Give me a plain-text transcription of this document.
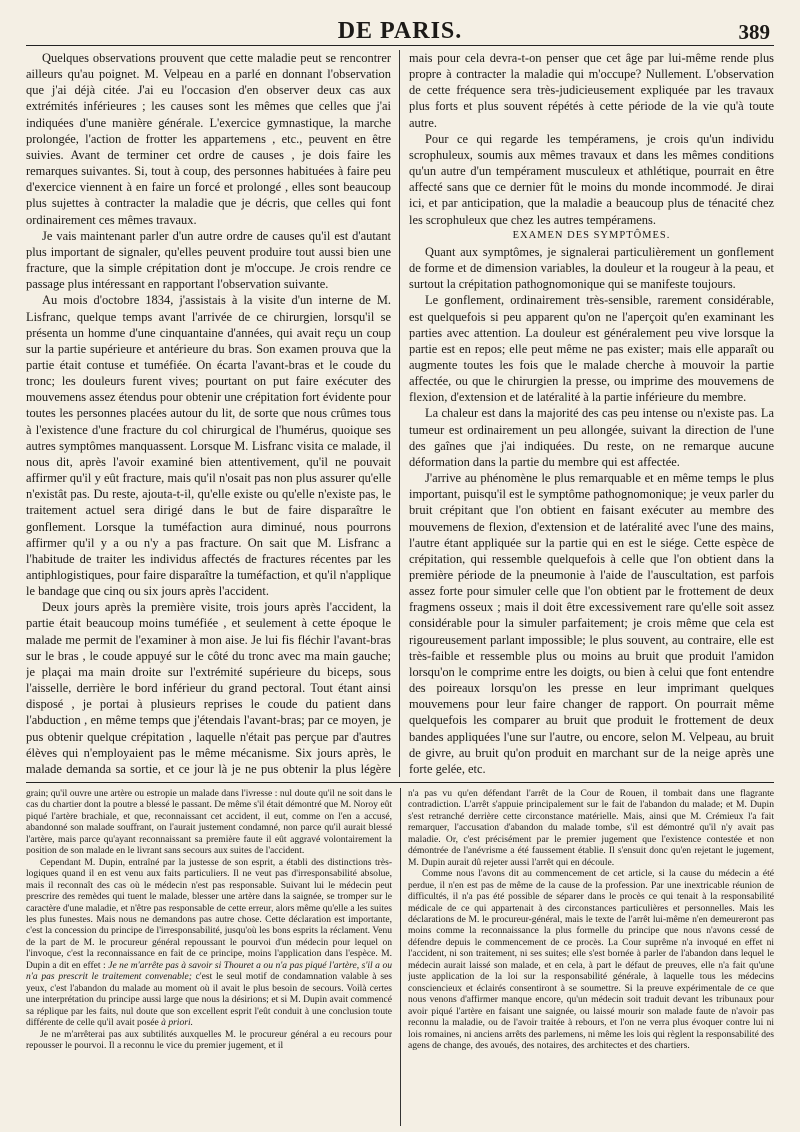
DE PARIS.	389

Quelques observations prouvent que cette maladie peut se rencontrer ailleurs qu'au poignet. M. Velpeau en a parlé en donnant l'observation que j'ai déjà citée. J'ai eu l'occasion d'en observer deux cas aux extrémités inférieures ; les causes sont les mêmes que celles que j'ai indiquées d'une manière générale. L'exercice gymnastique, la marche prolongée, l'action de frotter les appartemens , etc., peuvent en être suivies. Avant de terminer cet ordre de causes , je dois faire les remarques suivantes. Si, tout à coup, des personnes habituées à faire peu d'exercice viennent à en faire un forcé et prolongé , elles sont beaucoup plus sujettes à contracter la maladie que je décris, que celles qui font ordinairement ces mêmes travaux.

Je vais maintenant parler d'un autre ordre de causes qu'il est d'autant plus important de signaler, qu'elles peuvent produire tout aussi bien une fracture, que la simple crépitation dont je m'occupe. Je crois rendre ce passage plus intéressant en rapportant l'observation suivante.

Au mois d'octobre 1834, j'assistais à la visite d'un interne de M. Lisfranc, quelque temps avant l'arrivée de ce chirurgien, lorsqu'il se présenta un homme d'une cinquantaine d'années, qui avait reçu un coup sur la partie supérieure et antérieure du bras. Son examen prouva que la partie était contuse et tuméfiée. On écarta l'avant-bras et le coude du tronc; les douleurs furent vives; pourtant on put faire exécuter des mouvemens assez étendus pour obtenir une crépitation fort évidente pour toutes les personnes placées autour du lit, de sorte que nous crûmes tous à l'existence d'une fracture du col chirurgical de l'humérus, quoique ses autres symptômes manquassent. Lorsque M. Lisfranc visita ce malade, il nous dit, après l'avoir examiné bien attentivement, qu'il ne pouvait affirmer qu'il y eût fracture, mais qu'il n'osait pas non plus assurer qu'elle n'existât pas. Du reste, ajouta-t-il, qu'elle existe ou qu'elle n'existe pas, le traitement actuel sera dirigé dans le but de faire disparaître le gonflement. Lorsque la tuméfaction aura diminué, nous pourrons affirmer qu'il y a ou n'y a pas fracture. On sait que M. Lisfranc a l'habitude de traiter les individus affectés de fractures récentes par les antiphlogistiques, pour faire disparaître la tuméfaction, et qu'il n'applique le bandage que cinq ou six jours après l'accident.

Deux jours après la première visite, trois jours après l'accident, la partie était beaucoup moins tuméfiée , et seulement à cette époque le malade me permit de l'examiner à mon aise. Je lui fis fléchir l'avant-bras sur le bras , le coude appuyé sur le côté du tronc avec ma main gauche; je plaçai ma main droite sur l'extrémité supérieure du biceps, sous l'aisselle, derrière le bord inférieur du grand pectoral. Tout étant ainsi disposé , je portai à plusieurs reprises le coude du patient dans l'abduction , en même temps que j'étendais l'avant-bras; par ce moyen, je pus obtenir quelque crépitation , laquelle n'était pas perçue par d'autres élèves qui n'employaient pas le même mécanisme. Six jours après, le malade demanda sa sortie, et ce jour là je ne pus obtenir la plus légère

mais pour cela devra-t-on penser que cet âge par lui-même rende plus propre à contracter la maladie qui m'occupe? Nullement. L'observation de cette fréquence sera très-judicieusement expliquée par les travaux plus forts et plus souvent répétés à cette période de la vie qu'à toute autre.

Pour ce qui regarde les tempéramens, je crois qu'un individu scrophuleux, soumis aux mêmes travaux et dans les mêmes conditions qu'un autre d'un tempérament musculeux et athlétique, pourrait en être affecté sans que ce dernier fût le moins du monde incommodé. Je dirai ici, et par anticipation, que la maladie a beaucoup plus de ténacité chez les scrophuleux que chez les autres tempéramens.

EXAMEN DES SYMPTÔMES.

Quant aux symptômes, je signalerai particulièrement un gonflement de forme et de dimension variables, la douleur et la rougeur à la peau, et surtout la crépitation pathognomonique qui se manifeste toujours.

Le gonflement, ordinairement très-sensible, rarement considérable, est quelquefois si peu apparent qu'on ne l'aperçoit qu'en examinant les parties avec attention. La douleur est généralement peu vive lorsque la partie est en repos; elle peut même ne pas exister; mais elle apparaît ou augmente toutes les fois que le malade cherche à mouvoir la partie affectée, ou que le chirurgien la presse, ou imprime des mouvemens de flexion, d'extension et de latéralité à la partie inférieure du membre.

La chaleur est dans la majorité des cas peu intense ou n'existe pas. La tumeur est ordinairement un peu allongée, suivant la direction de l'une des gaînes que j'ai indiquées. Du reste, on ne remarque aucune déformation dans la partie du membre qui est affectée.

J'arrive au phénomène le plus remarquable et en même temps le plus important, puisqu'il est le symptôme pathognomonique; je veux parler du bruit crépitant que l'on obtient en faisant exécuter au membre des mouvemens de flexion, d'extension et de latéralité avec l'une des mains, l'autre étant appliquée sur la partie qui en est le siége. Cette espèce de crépitation, qui ressemble quelquefois à celle que l'on obtient dans la première période de la pneumonie à l'aide de l'auscultation, est parfois assez forte pour simuler celle que l'on obtient par le frottement de deux fragmens osseux ; mais il doit être excessivement rare qu'elle soit assez considérable pour la simuler parfaitement; je crois même que cela est rigoureusement parlant impossible; le plus souvent, au contraire, elle est très-faible et ressemble plus ou moins au bruit que produit l'amidon lorsqu'on le comprime entre les doigts, ou bien à celui que font entendre des poireaux lorsqu'on les presse en leur imprimant quelques mouvemens pour leur faire changer de rapport. On pourrait même quelquefois les comparer au bruit que produit le frottement de deux bandes appliquées l'une sur l'autre, ou encore, selon M. Velpeau, au bruit de givre, au bruit qu'on produit en marchant sur de la neige après une forte gelée, etc.

grain; qu'il ouvre une artère ou estropie un malade dans l'ivresse : nul doute qu'il ne soit dans le cas du chartier dont la poutre a blessé le passant. De même s'il était démontré que M. Noroy eût piqué l'artère brachiale, et que, reconnaissant cet accident, il eut, comme on l'en a accusé, abandonné son malade souffrant, on l'aurait justement condamné, non parce qu'il aurait blessé l'artère, mais parce qu'ayant reconnaissant sa première faute il eût aggravé volontairement la position de son malade en le livrant sans secours aux suites de l'accident.

Cependant M. Dupin, entraîné par la justesse de son esprit, a établi des distinctions très-logiques quand il en est venu aux faits particuliers. Il ne veut pas d'irresponsabilité absolue, mais il reconnaît des cas où le médecin n'est pas responsable. Suivant lui le médecin peut prescrire des remèdes qui tuent le malade, blesser une artère dans la saignée, se tromper sur le caractère d'une maladie, et n'être pas responsable de cette erreur, alors même qu'elle a les suites les plus funestes. Mais nous ne demandons pas autre chose. Cette déclaration est importante, c'est la concession du principe de l'irresponsabilité, jusqu'où les bons esprits la réclament. Venu de la part de M. le procureur général repoussant le pourvoi d'un médecin pour lequel on l'invoque, c'est la reconnaissance en fait de ce principe, moins l'application dans l'espèce. M. Dupin a dit en effet : Je ne m'arrête pas à savoir si Thouret a ou n'a pas piqué l'artère, s'il a ou n'a pas prescrit le traitement convenable; c'est le seul motif de condamnation valable à ses yeux, c'est l'abandon du malade au moment où il avait le plus besoin de secours. Voilà certes une interprétation du principe aussi large que nous la désirions; et si M. Dupin avait commencé sa réplique par les faits, nul doute que son excellent esprit l'eût conduit à une conclusion toute différente de celle qu'il avait posée à priori.

Je ne m'arrêterai pas aux subtilités auxquelles M. le procureur général a eu recours pour repousser le pourvoi. Il a reconnu le vice du premier jugement, et il

n'a pas vu qu'en défendant l'arrêt de la Cour de Rouen, il tombait dans une flagrante contradiction. L'arrêt s'appuie principalement sur le fait de l'abandon du malade; et M. Dupin s'est retranché derrière cette circonstance matérielle. Mais, ainsi que M. Crémieux l'a fait remarquer, l'accusation d'abandon du malade tombe, s'il est démontré qu'il n'y avait pas maladie. Or, c'est précisément par le premier jugement que l'existence contestée et non démontrée de l'anévrisme a été faussement établie. Il s'ensuit donc qu'en rejetant le jugement, M. Dupin aurait dû rejeter aussi l'arrêt qui en découle.

Comme nous l'avons dit au commencement de cet article, si la cause du médecin a été perdue, il n'en est pas de même de la cause de la profession. Par une inextricable réunion de difficultés, il n'a pas été possible de séparer dans le procès ce qui tenait à la responsabilité médicale de ce qui appartenait à des circonstances particulières et personnelles. Mais les déclarations de M. le procureur-général, mais le texte de l'arrêt lui-même n'en demeureront pas moins comme la reconnaissance la plus formelle du principe que nous n'avons cessé de défendre depuis le commencement de ce procès. La Cour suprême n'a invoqué en effet ni l'accident, ni son traitement, ni ses suites; elle s'est bornée à parler de l'abandon dans lequel le médecin aurait laissé son malade, et en cela, à part le défaut de preuves, elle n'a fait qu'une juste application de la loi sur la responsabilité générale, à laquelle tous les médecins consciencieux et éclairés consentiront à se soumettre. Si la preuve expérimentale de ce que nous venons d'affirmer manque encore, qu'un médecin soit traduit devant les tribunaux pour avoir piqué l'artère en faisant une saignée, ou laissé mourir son malade faute de n'avoir pas reconnu la maladie, ou de l'avoir traitée à rebours, et l'on ne verra plus évoquer contre lui ni lois romaines, ni anciens arrêts des parlemens, ni même les lois qui règlent la responsabilité des agens de change, des avoués, des notaires, des architectes et des chartiers.
